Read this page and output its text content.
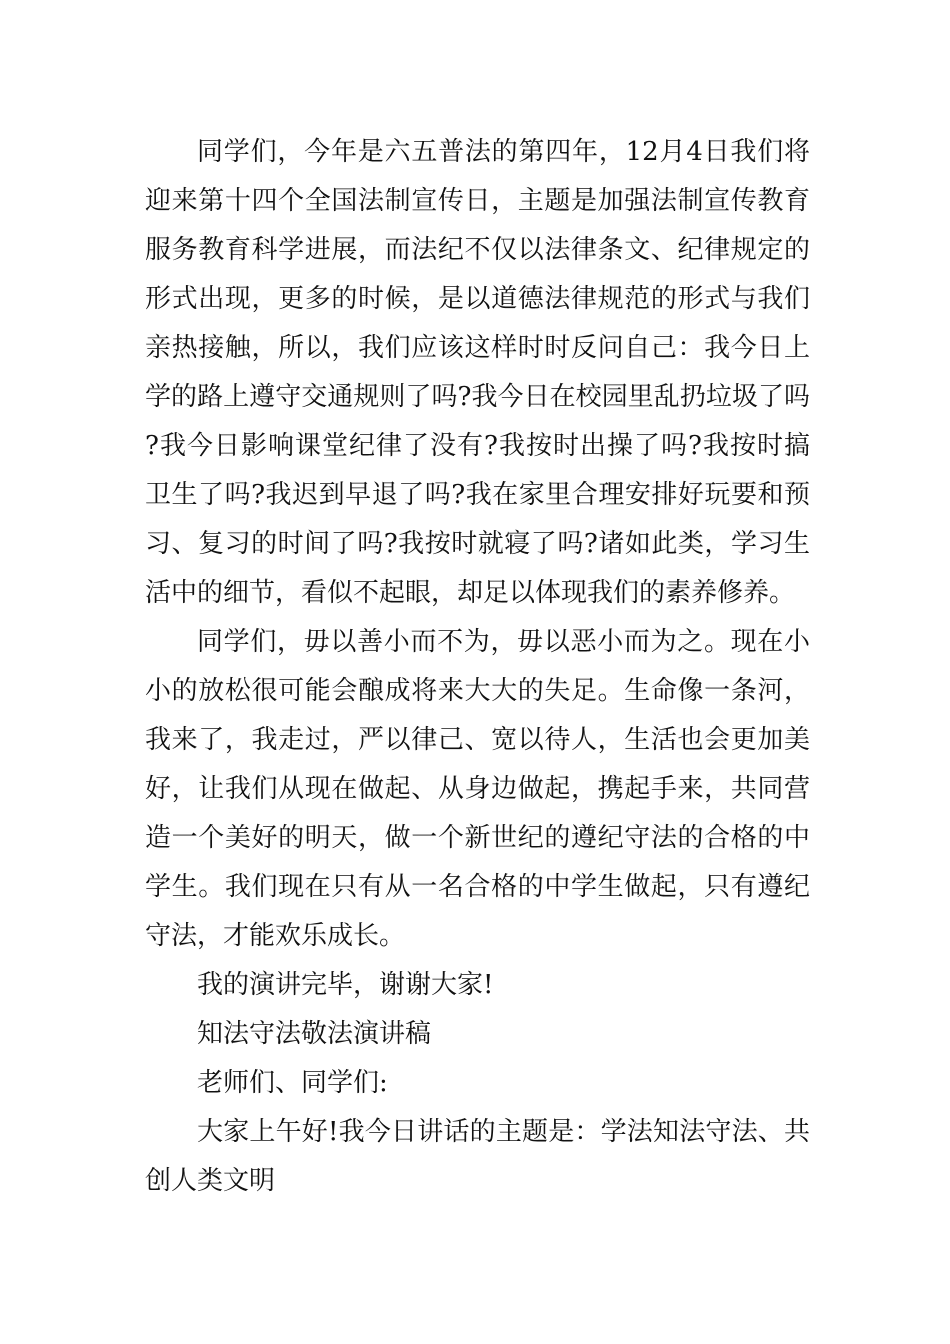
同学们，今年是六五普法的第四年，12月4日我们将迎来第十四个全国法制宣传日，主题是加强法制宣传教育服务教育科学进展，而法纪不仅以法律条文、纪律规定的形式出现，更多的时候，是以道德法律规范的形式与我们亲热接触，所以，我们应该这样时时反问自己：我今日上学的路上遵守交通规则了吗?我今日在校园里乱扔垃圾了吗?我今日影响课堂纪律了没有?我按时出操了吗?我按时搞卫生了吗?我迟到早退了吗?我在家里合理安排好玩要和预习、复习的时间了吗?我按时就寝了吗?诸如此类，学习生活中的细节，看似不起眼，却足以体现我们的素养修养。

同学们，毋以善小而不为，毋以恶小而为之。现在小小的放松很可能会酿成将来大大的失足。生命像一条河，我来了，我走过，严以律己、宽以待人，生活也会更加美好，让我们从现在做起、从身边做起，携起手来，共同营造一个美好的明天，做一个新世纪的遵纪守法的合格的中学生。我们现在只有从一名合格的中学生做起，只有遵纪守法，才能欢乐成长。

我的演讲完毕，谢谢大家!

知法守法敬法演讲稿

老师们、同学们:

大家上午好!我今日讲话的主题是：学法知法守法、共创人类文明
